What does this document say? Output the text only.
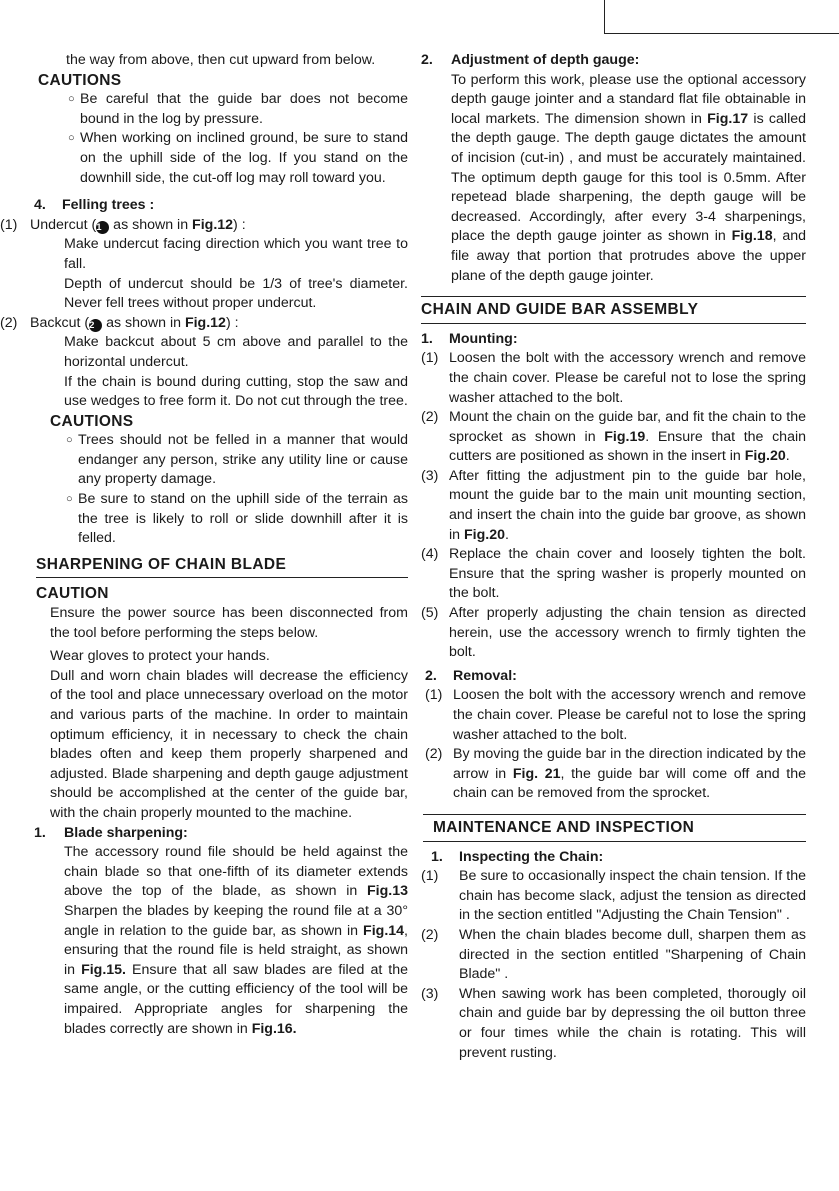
the way from above, then cut upward from below.

CAUTIONS
○ Be careful that the guide bar does not become bound in the log by pressure.
○ When working on inclined ground, be sure to stand on the uphill side of the log. If you stand on the downhill side, the cut-off log may roll toward you.
4. Felling trees :
(1) Undercut (1 as shown in Fig.12) :

Make undercut facing direction which you want tree to fall.

Depth of undercut should be 1/3 of tree's diameter. Never fell trees without proper undercut.

(2) Backcut (2 as shown in Fig.12) :

Make backcut about 5 cm above and parallel to the horizontal undercut.

If the chain is bound during cutting, stop the saw and use wedges to free form it. Do not cut through the tree.

CAUTIONS
○ Trees should not be felled in a manner that would endanger any person, strike any utility line or cause any property damage.
○ Be sure to stand on the uphill side of the terrain as the tree is likely to roll or slide downhill after it is felled.
SHARPENING OF CHAIN BLADE
CAUTION

Ensure the power source has been disconnected from the tool before performing the steps below.

Wear gloves to protect your hands.

Dull and worn chain blades will decrease the efficiency of the tool and place unnecessary overload on the motor and various parts of the machine. In order to maintain optimum efficiency, it in necessary to check the chain blades often and keep them properly sharpened and adjusted. Blade sharpening and depth gauge adjustment should be accomplished at the center of the guide bar, with the chain properly mounted to the machine.

1. Blade sharpening:

The accessory round file should be held against the chain blade so that one-fifth of its diameter extends above the top of the blade, as shown in Fig.13 Sharpen the blades by keeping the round file at a 30° angle in relation to the guide bar, as shown in Fig.14, ensuring that the round file is held straight, as shown in Fig.15. Ensure that all saw blades are filed at the same angle, or the cutting efficiency of the tool will be impaired. Appropriate angles for sharpening the blades correctly are shown in Fig.16.

2. Adjustment of depth gauge:

To perform this work, please use the optional accessory depth gauge jointer and a standard flat file obtainable in local markets. The dimension shown in Fig.17 is called the depth gauge. The depth gauge dictates the amount of incision (cut-in) , and must be accurately maintained. The optimum depth gauge for this tool is 0.5mm. After repetead blade sharpening, the depth gauge will be decreased. Accordingly, after every 3-4 sharpenings, place the depth gauge jointer as shown in Fig.18, and file away that portion that protrudes above the upper plane of the depth gauge jointer.

CHAIN AND GUIDE BAR ASSEMBLY
1. Mounting:
(1) Loosen the bolt with the accessory wrench and remove the chain cover. Please be careful not to lose the spring washer attached to the bolt.
(2) Mount the chain on the guide bar, and fit the chain to the sprocket as shown in Fig.19. Ensure that the chain cutters are positioned as shown in the insert in Fig.20.
(3) After fitting the adjustment pin to the guide bar hole, mount the guide bar to the main unit mounting section, and insert the chain into the guide bar groove, as shown in Fig.20.
(4) Replace the chain cover and loosely tighten the bolt. Ensure that the spring washer is properly mounted on the bolt.
(5) After properly adjusting the chain tension as directed herein, use the accessory wrench to firmly tighten the bolt.
2. Removal:
(1) Loosen the bolt with the accessory wrench and remove the chain cover. Please be careful not to lose the spring washer attached to the bolt.
(2) By moving the guide bar in the direction indicated by the arrow in Fig. 21, the guide bar will come off and the chain can be removed from the sprocket.
MAINTENANCE AND INSPECTION
1. Inspecting the Chain:
(1)	Be sure to occasionally inspect the chain tension. If the chain has become slack, adjust the tension as directed in the section entitled "Adjusting the Chain Tension" .
(2)	When the chain blades become dull, sharpen them as directed in the section entitled "Sharpening of Chain Blade" .
(3)	When sawing work has been completed, thorougly oil chain and guide bar by depressing the oil button three or four times while the chain is rotating. This will prevent rusting.
